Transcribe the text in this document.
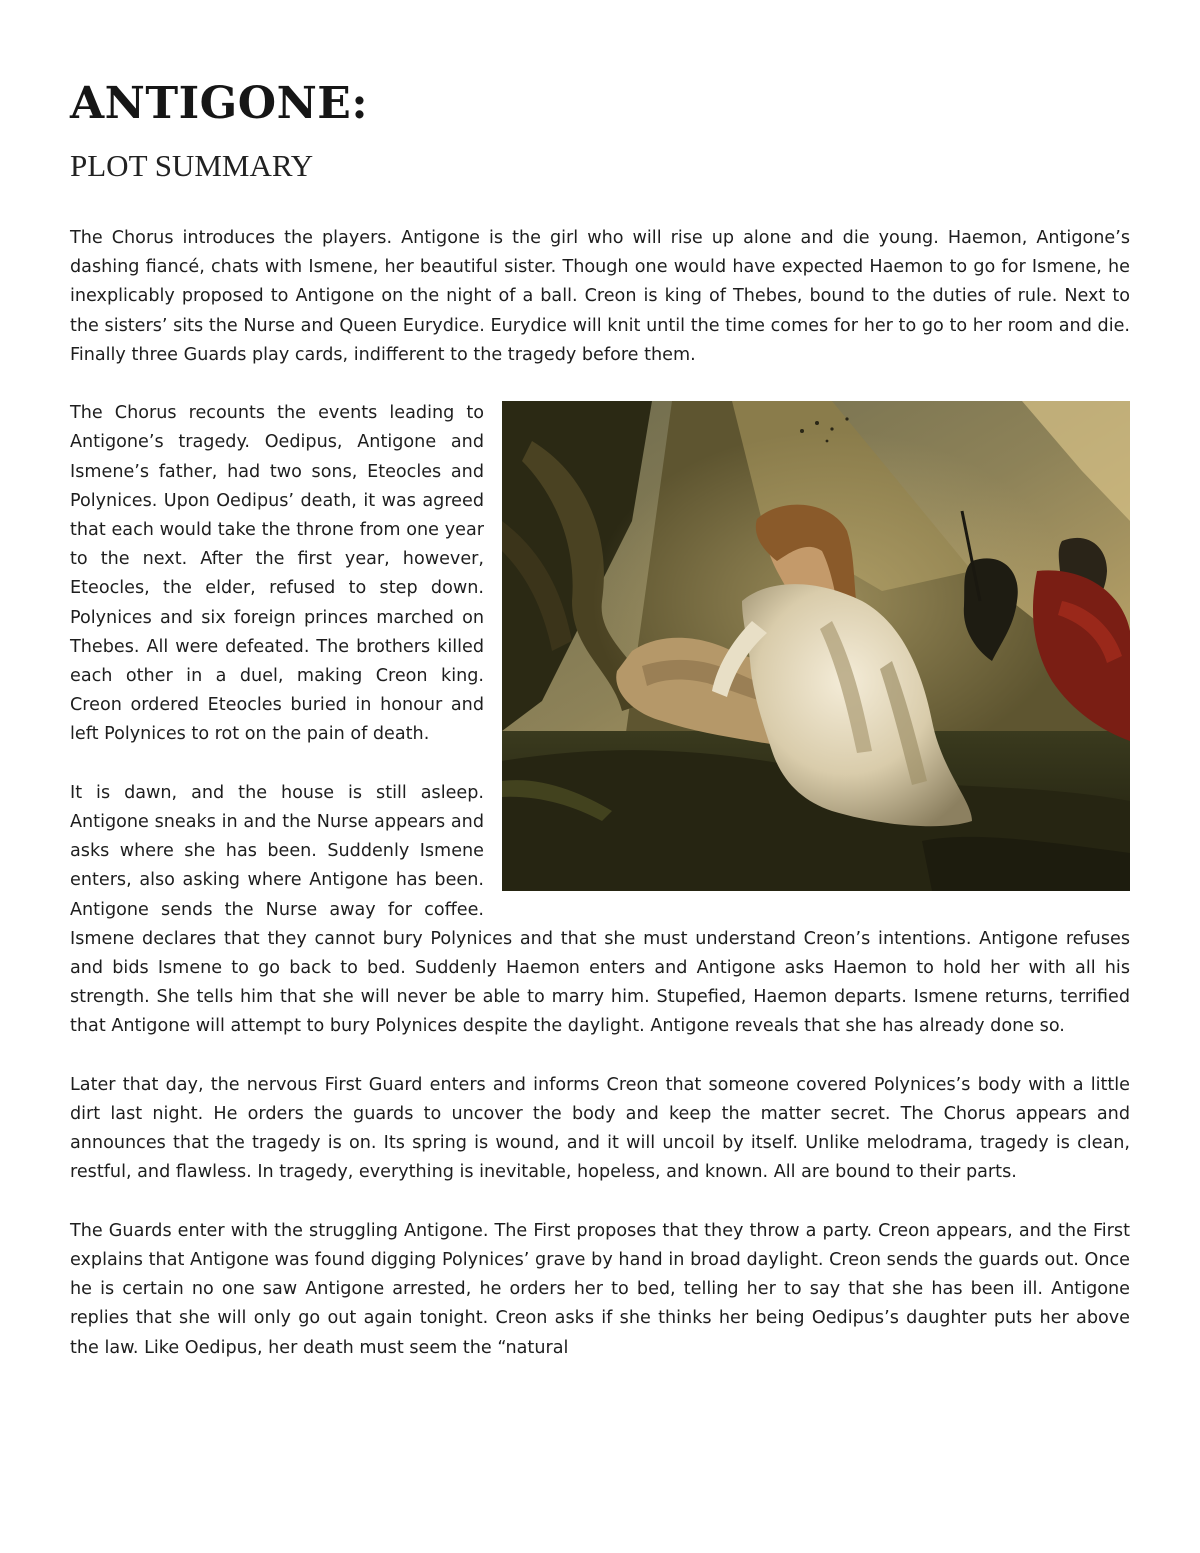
ANTIGONE:
PLOT SUMMARY

The Chorus introduces the players. Antigone is the girl who will rise up alone and die young. Haemon, Antigone’s dashing fiancé, chats with Ismene, her beautiful sister. Though one would have expected Haemon to go for Ismene, he inexplicably proposed to Antigone on the night of a ball. Creon is king of Thebes, bound to the duties of rule. Next to the sisters’ sits the Nurse and Queen Eurydice. Eurydice will knit until the time comes for her to go to her room and die. Finally three Guards play cards, indifferent to the tragedy before them.

The Chorus recounts the events leading to Antigone’s tragedy. Oedipus, Antigone and Ismene’s father, had two sons, Eteocles and Polynices. Upon Oedipus’ death, it was agreed that each would take the throne from one year to the next. After the first year, however, Eteocles, the elder, refused to step down. Polynices and six foreign princes marched on Thebes. All were defeated. The brothers killed each other in a duel, making Creon king. Creon ordered Eteocles buried in honour and left Polynices to rot on the pain of death.

It is dawn, and the house is still asleep. Antigone sneaks in and the Nurse appears and asks where she has been. Suddenly Ismene enters, also asking where Antigone has been. Antigone sends the Nurse away for coffee. Ismene declares that they cannot bury Polynices and that she must understand Creon’s intentions. Antigone refuses and bids Ismene to go back to bed. Suddenly Haemon enters and Antigone asks Haemon to hold her with all his strength. She tells him that she will never be able to marry him. Stupefied, Haemon departs. Ismene returns, terrified that Antigone will attempt to bury Polynices despite the daylight. Antigone reveals that she has already done so.

Later that day, the nervous First Guard enters and informs Creon that someone covered Polynices’s body with a little dirt last night. He orders the guards to uncover the body and keep the matter secret. The Chorus appears and announces that the tragedy is on. Its spring is wound, and it will uncoil by itself. Unlike melodrama, tragedy is clean, restful, and flawless. In tragedy, everything is inevitable, hopeless, and known. All are bound to their parts.

The Guards enter with the struggling Antigone. The First proposes that they throw a party. Creon appears, and the First explains that Antigone was found digging Polynices’ grave by hand in broad daylight. Creon sends the guards out. Once he is certain no one saw Antigone arrested, he orders her to bed, telling her to say that she has been ill. Antigone replies that she will only go out again tonight. Creon asks if she thinks her being Oedipus’s daughter puts her above the law. Like Oedipus, her death must seem the “natural
